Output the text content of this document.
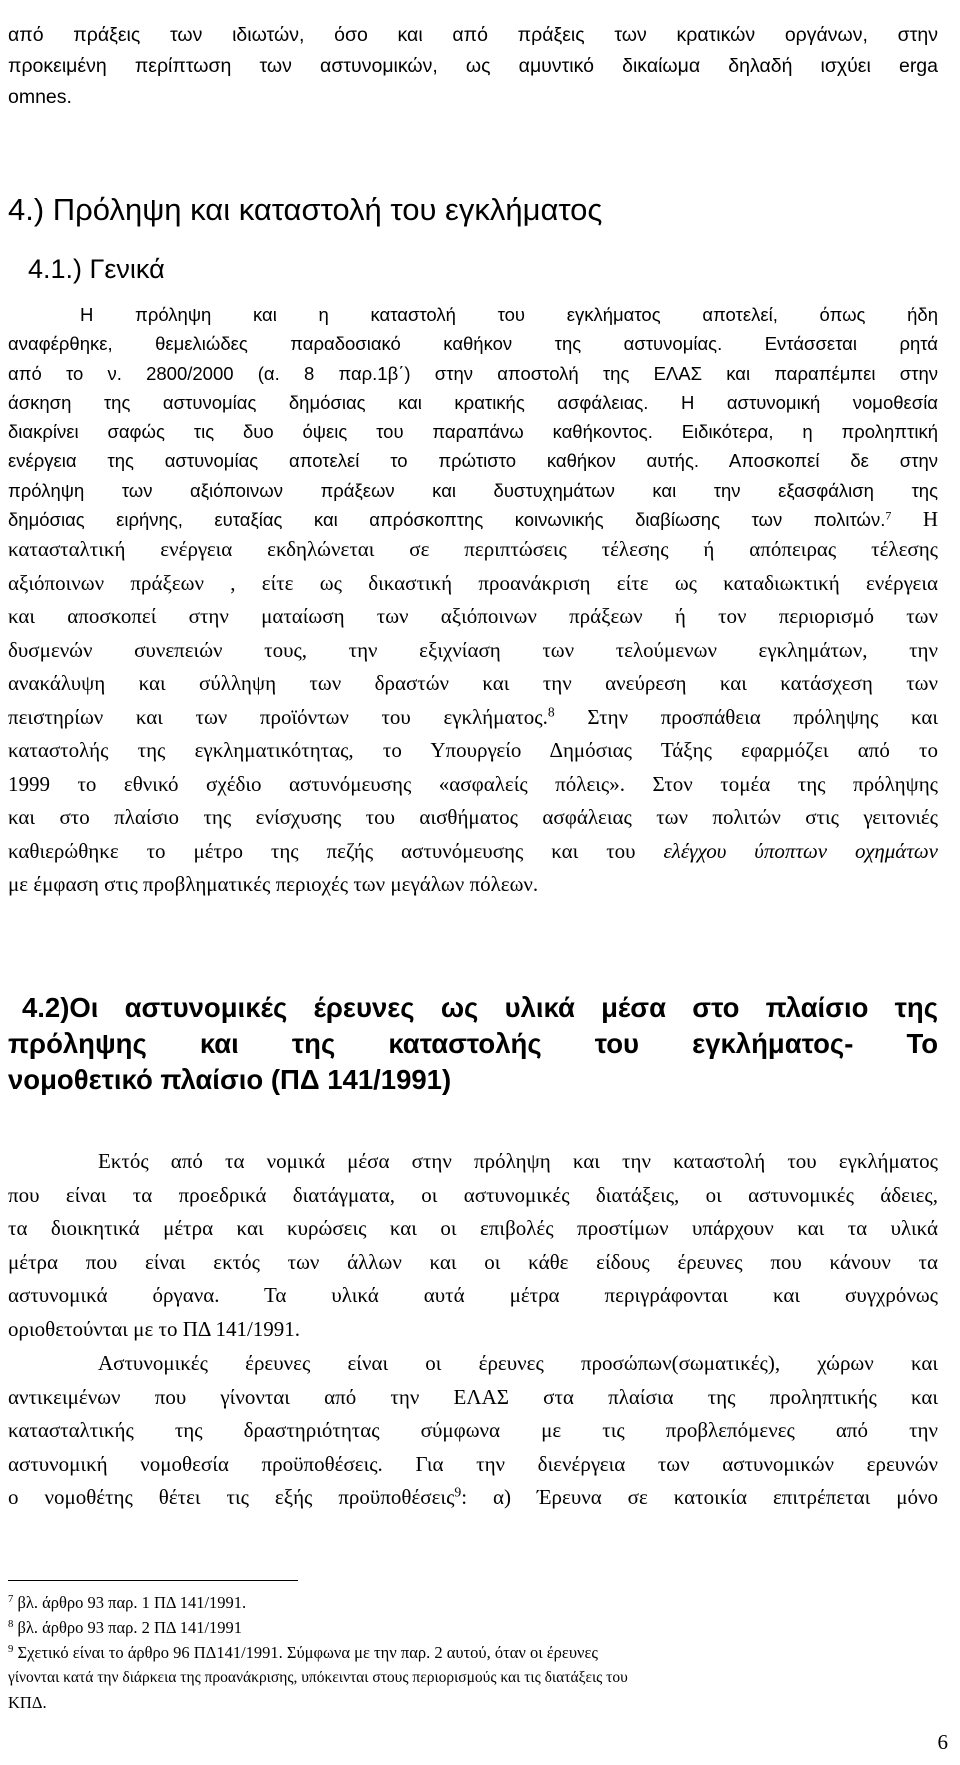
από πράξεις των ιδιωτών, όσο και από πράξεις των κρατικών οργάνων, στην
προκειμένη περίπτωση των αστυνομικών, ως αμυντικό δικαίωμα δηλαδή ισχύει erga
omnes.
4.) Πρόληψη και καταστολή του εγκλήματος
4.1.) Γενικά
Η πρόληψη και η καταστολή του εγκλήματος αποτελεί, όπως ήδη
αναφέρθηκε, θεμελιώδες παραδοσιακό καθήκον της αστυνομίας. Εντάσσεται ρητά
από το ν. 2800/2000 (α. 8 παρ.1β΄) στην αποστολή της ΕΛΑΣ και παραπέμπει στην
άσκηση της αστυνομίας δημόσιας και κρατικής ασφάλειας. Η αστυνομική νομοθεσία
διακρίνει σαφώς τις δυο όψεις του παραπάνω καθήκοντος. Ειδικότερα, η προληπτική
ενέργεια της αστυνομίας αποτελεί το πρώτιστο καθήκον αυτής. Αποσκοπεί δε στην
πρόληψη των αξιόποινων πράξεων και δυστυχημάτων και την εξασφάλιση της
δημόσιας ειρήνης, ευταξίας και απρόσκοπτης κοινωνικής διαβίωσης των πολιτών.$^7$ Η
κατασταλτική ενέργεια εκδηλώνεται σε περιπτώσεις τέλεσης ή απόπειρας τέλεσης
αξιόποινων πράξεων , είτε ως δικαστική προανάκριση είτε ως καταδιωκτική ενέργεια
και αποσκοπεί στην ματαίωση των αξιόποινων πράξεων ή τον περιορισμό των
δυσμενών συνεπειών τους, την εξιχνίαση των τελούμενων εγκλημάτων, την
ανακάλυψη και σύλληψη των δραστών και την ανεύρεση και κατάσχεση των
πειστηρίων και των προϊόντων του εγκλήματος.$^8$ Στην προσπάθεια πρόληψης και
καταστολής της εγκληματικότητας, το Υπουργείο Δημόσιας Τάξης εφαρμόζει από το
1999 το εθνικό σχέδιο αστυνόμευσης «ασφαλείς πόλεις». Στον τομέα της πρόληψης
και στο πλαίσιο της ενίσχυσης του αισθήματος ασφάλειας των πολιτών στις γειτονιές
καθιερώθηκε το μέτρο της πεζής αστυνόμευσης και του ελέγχου ύποπτων οχημάτων
με έμφαση στις προβληματικές περιοχές των μεγάλων πόλεων.
4.2)Οι αστυνομικές έρευνες ως υλικά μέσα στο πλαίσιο της
πρόληψης και της καταστολής του εγκλήματος- Το
νομοθετικό πλαίσιο (ΠΔ 141/1991)
Εκτός από τα νομικά μέσα στην πρόληψη και την καταστολή του εγκλήματος
που είναι τα προεδρικά διατάγματα, οι αστυνομικές διατάξεις, οι αστυνομικές άδειες,
τα διοικητικά μέτρα και κυρώσεις και οι επιβολές προστίμων υπάρχουν και τα υλικά
μέτρα που είναι εκτός των άλλων και οι κάθε είδους έρευνες που κάνουν τα
αστυνομικά όργανα. Τα υλικά αυτά μέτρα περιγράφονται και συγχρόνως
οριοθετούνται με το ΠΔ 141/1991.
Αστυνομικές έρευνες είναι οι έρευνες προσώπων(σωματικές), χώρων και
αντικειμένων που γίνονται από την ΕΛΑΣ στα πλαίσια της προληπτικής και
κατασταλτικής της δραστηριότητας σύμφωνα με τις προβλεπόμενες από την
αστυνομική νομοθεσία προϋποθέσεις. Για την διενέργεια των αστυνομικών ερευνών
ο νομοθέτης θέτει τις εξής προϋποθέσεις$^9$: α) Έρευνα σε κατοικία επιτρέπεται μόνο
$^7$ βλ. άρθρο 93 παρ. 1 ΠΔ 141/1991.
$^8$ βλ. άρθρο 93 παρ. 2 ΠΔ 141/1991
$^9$ Σχετικό είναι το άρθρο 96 ΠΔ141/1991. Σύμφωνα με την παρ. 2 αυτού, όταν οι έρευνες
γίνονται κατά την διάρκεια της προανάκρισης, υπόκεινται στους περιορισμούς και τις διατάξεις του
ΚΠΔ.
6
